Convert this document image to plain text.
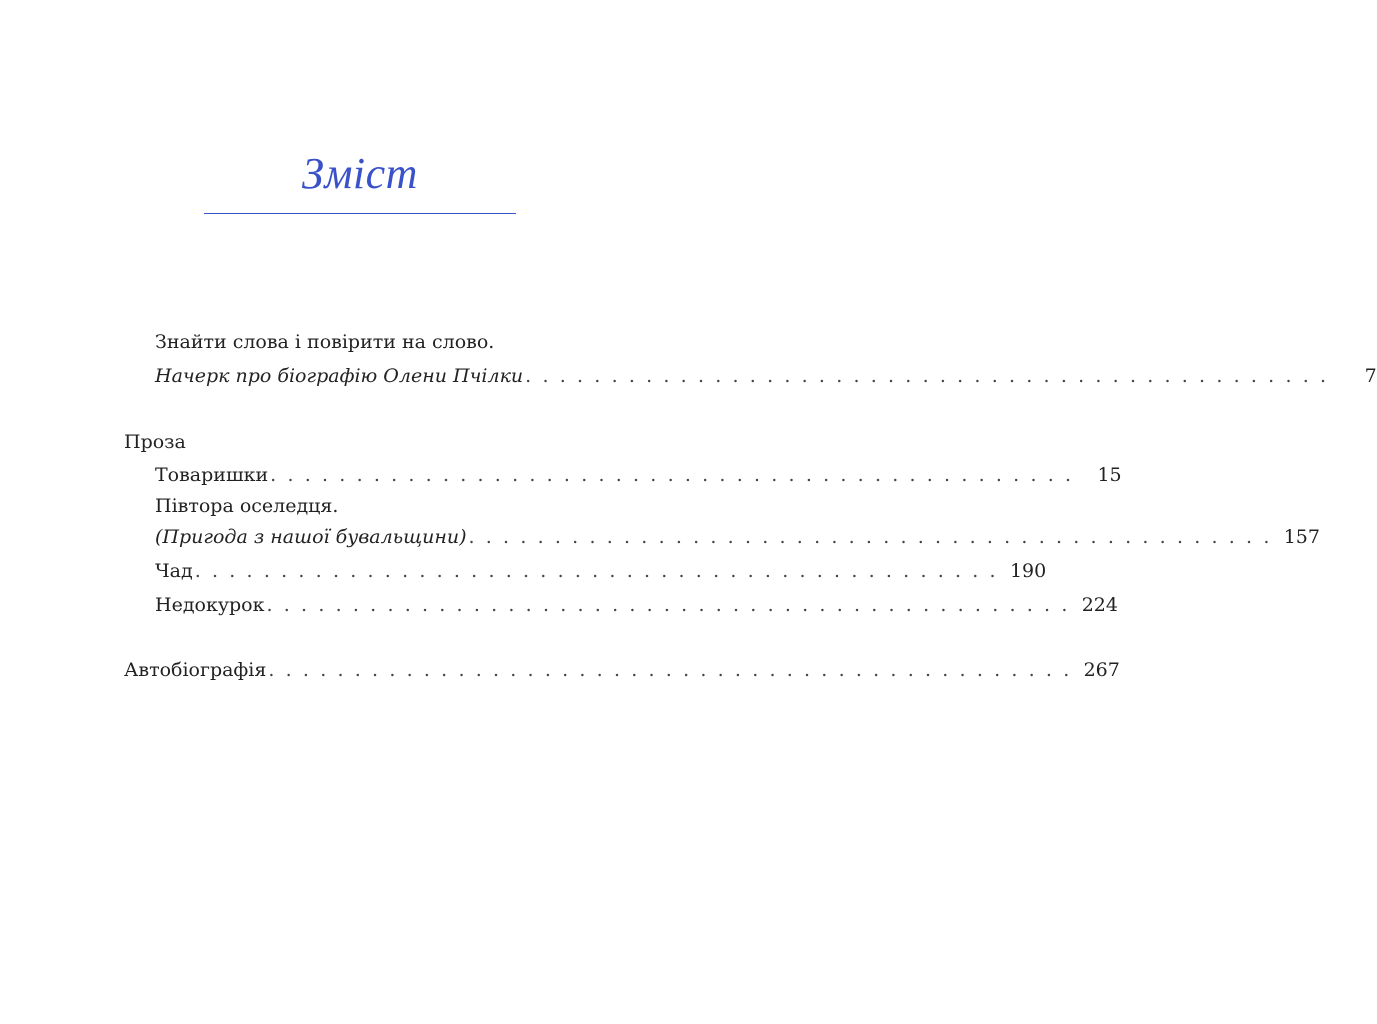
Зміст
Знайти слова і повірити на слово.
Начерк про біографію Олени Пчілки . . . . . . . . . . . . . . . . . . . . . . . . . . . . . . . . . . . . . . . . . . . . . . .	7
Проза
Товаришки . . . . . . . . . . . . . . . . . . . . . . . . . . . . . . . . . . . . . . . . . . . . . . .	15
Півтора оселедця.
(Пригода з нашої бувальщини) . . . . . . . . . . . . . . . . . . . . . . . . . . . . . . . . . . . . . . . . . . . . . . . 157
Чад . . . . . . . . . . . . . . . . . . . . . . . . . . . . . . . . . . . . . . . . . . . . . . . 190
Недокурок . . . . . . . . . . . . . . . . . . . . . . . . . . . . . . . . . . . . . . . . . . . . . . . 224
Автобіографія . . . . . . . . . . . . . . . . . . . . . . . . . . . . . . . . . . . . . . . . . . . . . . . 267
